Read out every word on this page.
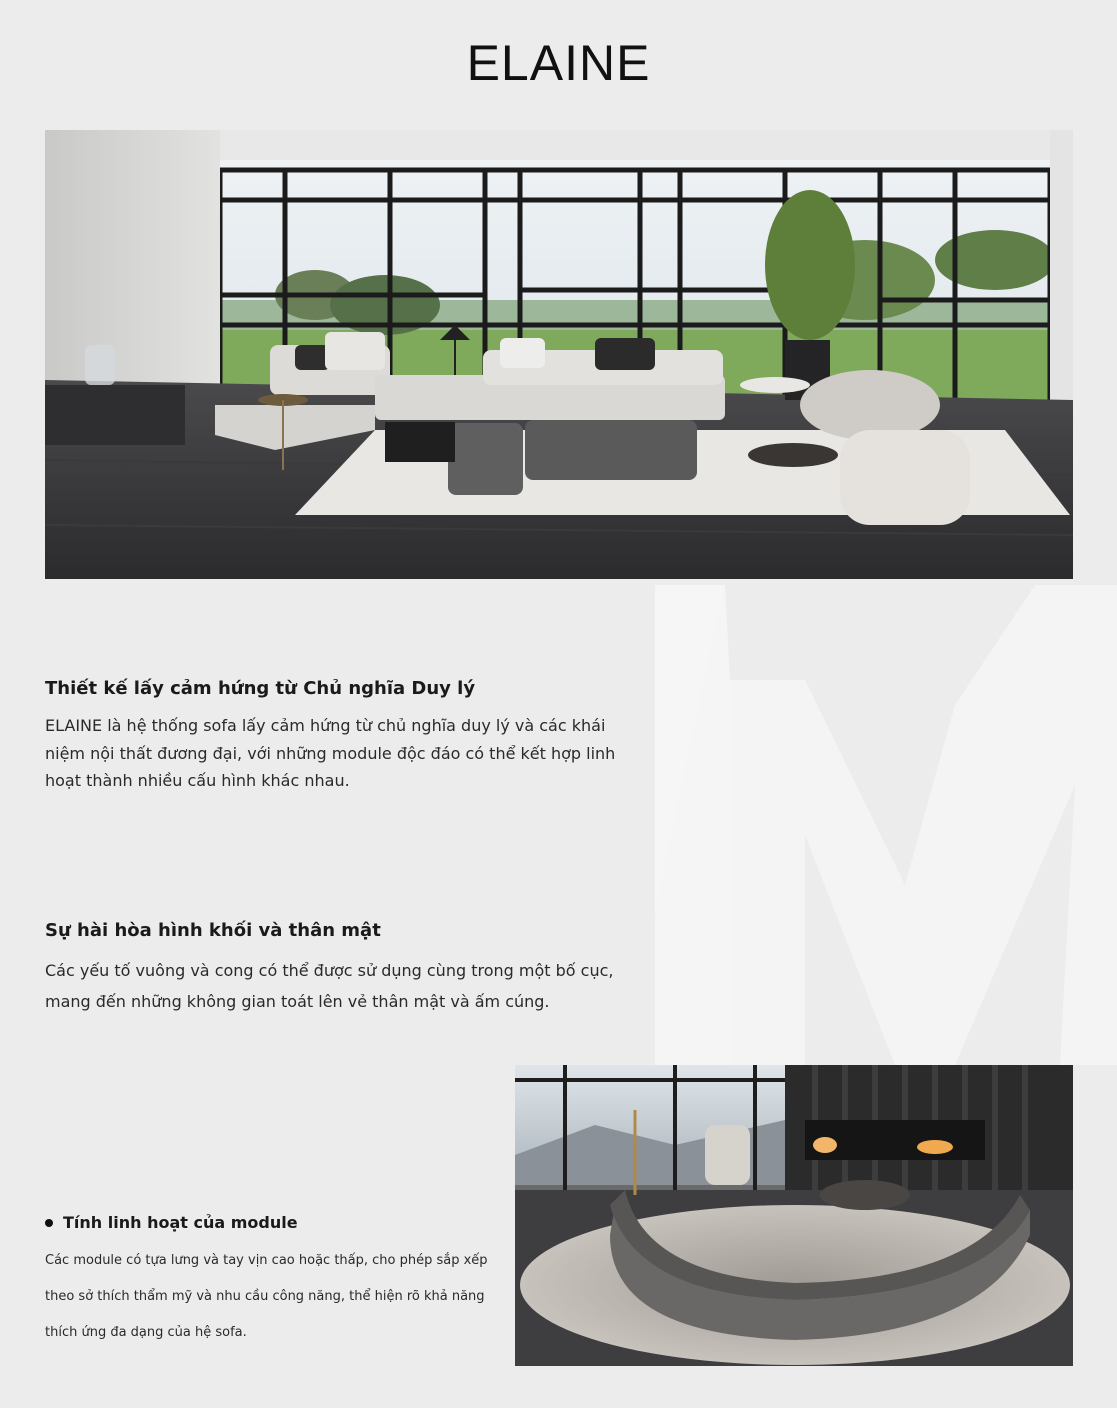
ELAINE
Thiết kế lấy cảm hứng từ Chủ nghĩa Duy lý

ELAINE là hệ thống sofa lấy cảm hứng từ chủ nghĩa duy lý và các khái niệm nội thất đương đại, với những module độc đáo có thể kết hợp linh hoạt thành nhiều cấu hình khác nhau.

Sự hài hòa hình khối và thân mật

Các yếu tố vuông và cong có thể được sử dụng cùng trong một bố cục, mang đến những không gian toát lên vẻ thân mật và ấm cúng.

Tính linh hoạt của module

Các module có tựa lưng và tay vịn cao hoặc thấp, cho phép sắp xếp theo sở thích thẩm mỹ và nhu cầu công năng, thể hiện rõ khả năng thích ứng đa dạng của hệ sofa.
